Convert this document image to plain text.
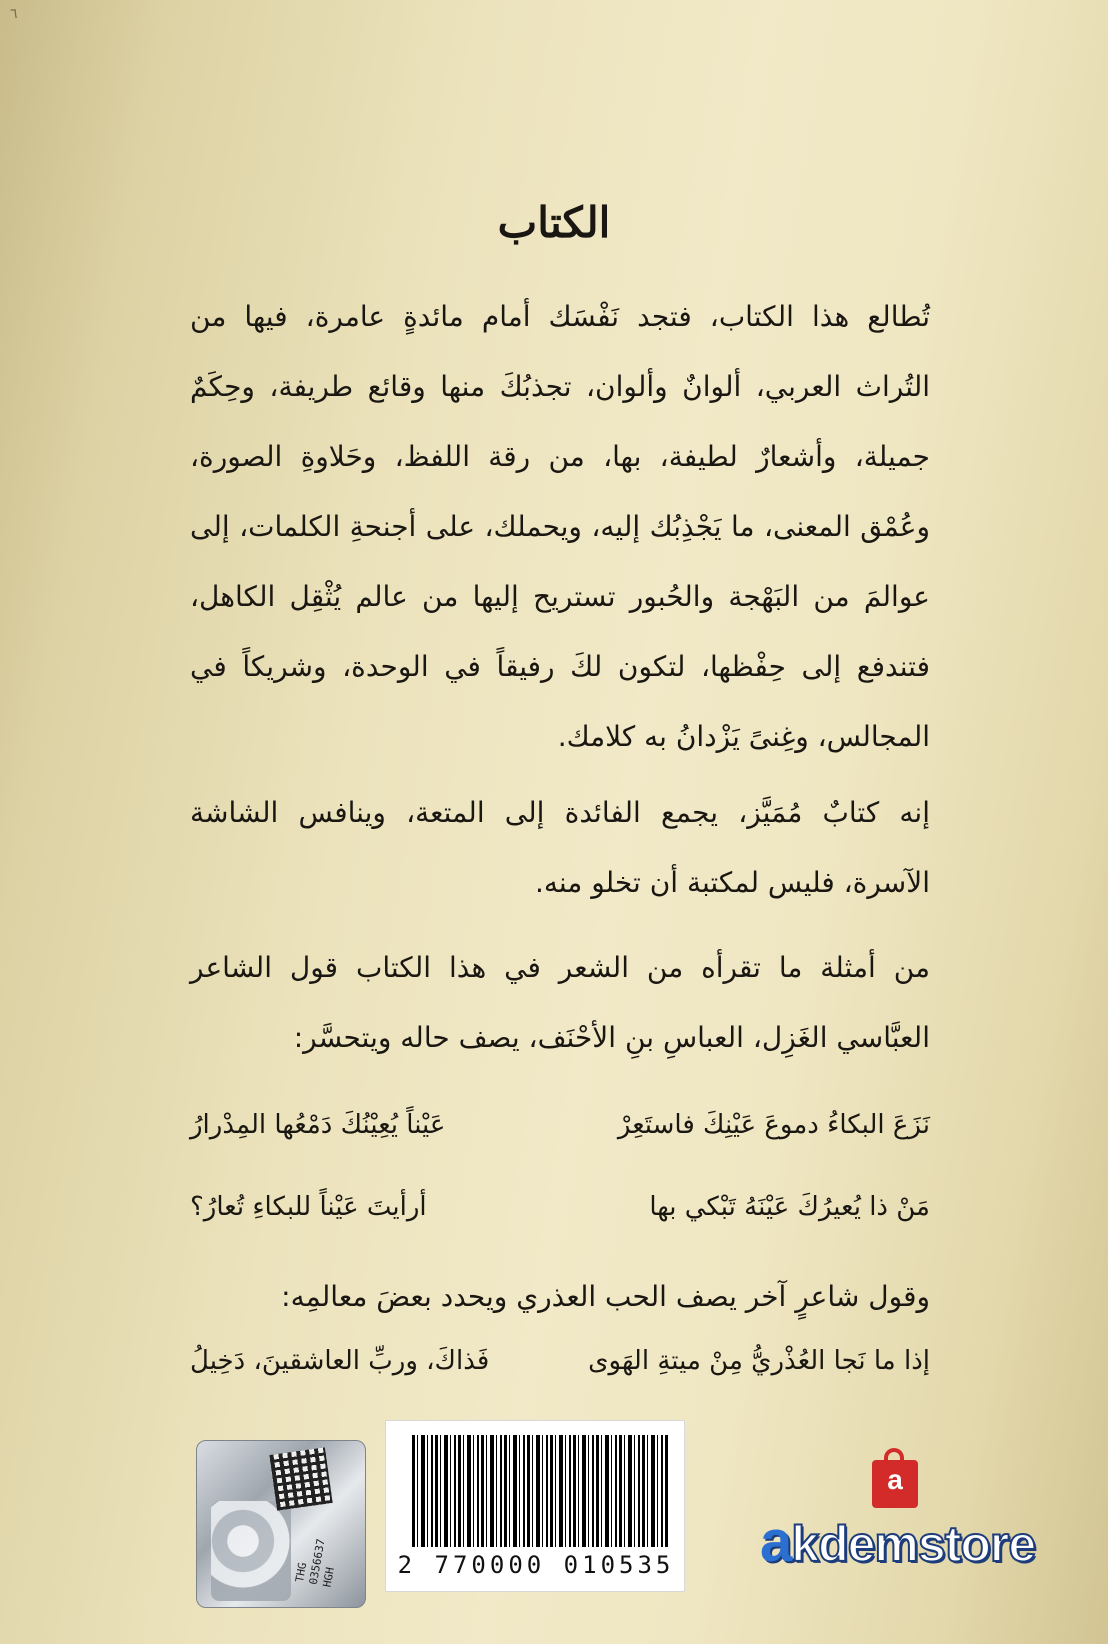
٦
الكتاب
تُطالع هذا الكتاب، فتجد نَفْسَك أمام مائدةٍ عامرة، فيها من التُراث العربي، ألوانٌ وألوان، تجذبُكَ منها وقائع طريفة، وحِكَمٌ جميلة، وأشعارٌ لطيفة، بها، من رقة اللفظ، وحَلاوةِ الصورة، وعُمْق المعنى، ما يَجْذِبُك إليه، ويحملك، على أجنحةِ الكلمات، إلى عوالمَ من البَهْجة والحُبور تستريح إليها من عالم يُثْقِل الكاهل، فتندفع إلى حِفْظها، لتكون لكَ رفيقاً في الوحدة، وشريكاً في المجالس، وغِنىً يَزْدانُ به كلامك.
إنه كتابٌ مُمَيَّز، يجمع الفائدة إلى المتعة، وينافس الشاشة الآسرة، فليس لمكتبة أن تخلو منه.
من أمثلة ما تقرأه من الشعر في هذا الكتاب قول الشاعر العبَّاسي الغَزِل، العباسِ بنِ الأحْنَف، يصف حاله ويتحسَّر:
نَزَعَ البكاءُ دموعَ عَيْنِكَ فاستَعِرْ
عَيْناً يُعِيْنُكَ دَمْعُها المِدْرارُ
مَنْ ذا يُعيرُكَ عَيْنَهُ تَبْكي بها
أرأيتَ عَيْناً للبكاءِ تُعارُ؟
وقول شاعرٍ آخر يصف الحب العذري ويحدد بعضَ معالمِه:
إذا ما نَجا العُذْريُّ مِنْ ميتةِ الهَوى
فَذاكَ، وربِّ العاشقينَ، دَخِيلُ
THG
0356637
HGH	2 770000 010535
a
akdemstore
